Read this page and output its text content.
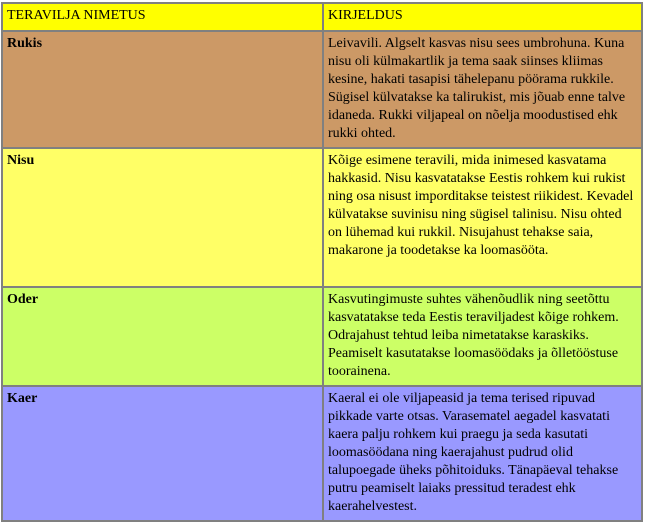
TERAVILJA NIMETUS	KIRJELDUS
Rukis	Leivavili. Algselt kasvas nisu sees umbrohuna. Kuna nisu oli külmakartlik ja tema saak siinses kliimas kesine, hakati tasapisi tähelepanu pöörama rukkile. Sügisel külvatakse ka talirukist, mis jõuab enne talve idaneda. Rukki viljapeal on nõelja moodustised ehk rukki ohted.

Nisu	Kõige esimene teravili, mida inimesed kasvatama hakkasid. Nisu kasvatatakse Eestis rohkem kui rukist ning osa nisust imporditakse teistest riikidest. Kevadel külvatakse suvinisu ning sügisel talinisu. Nisu ohted on lühemad kui rukkil. Nisujahust tehakse saia, makarone ja toodetakse ka loomasööta.

Oder	Kasvutingimuste suhtes vähenõudlik ning seetõttu kasvatatakse teda Eestis teraviljadest kõige rohkem. Odrajahust tehtud leiba nimetatakse karaskiks. Peamiselt kasutatakse loomasöödaks ja õlletööstuse toorainena.

Kaer	Kaeral ei ole viljapeasid ja tema terised ripuvad pikkade varte otsas. Varasematel aegadel kasvatati kaera palju rohkem kui praegu ja seda kasutati loomasöödana ning kaerajahust pudrud olid talupoegade üheks põhitoiduks. Tänapäeval tehakse putru peamiselt laiaks pressitud teradest ehk kaerahelvestest.
